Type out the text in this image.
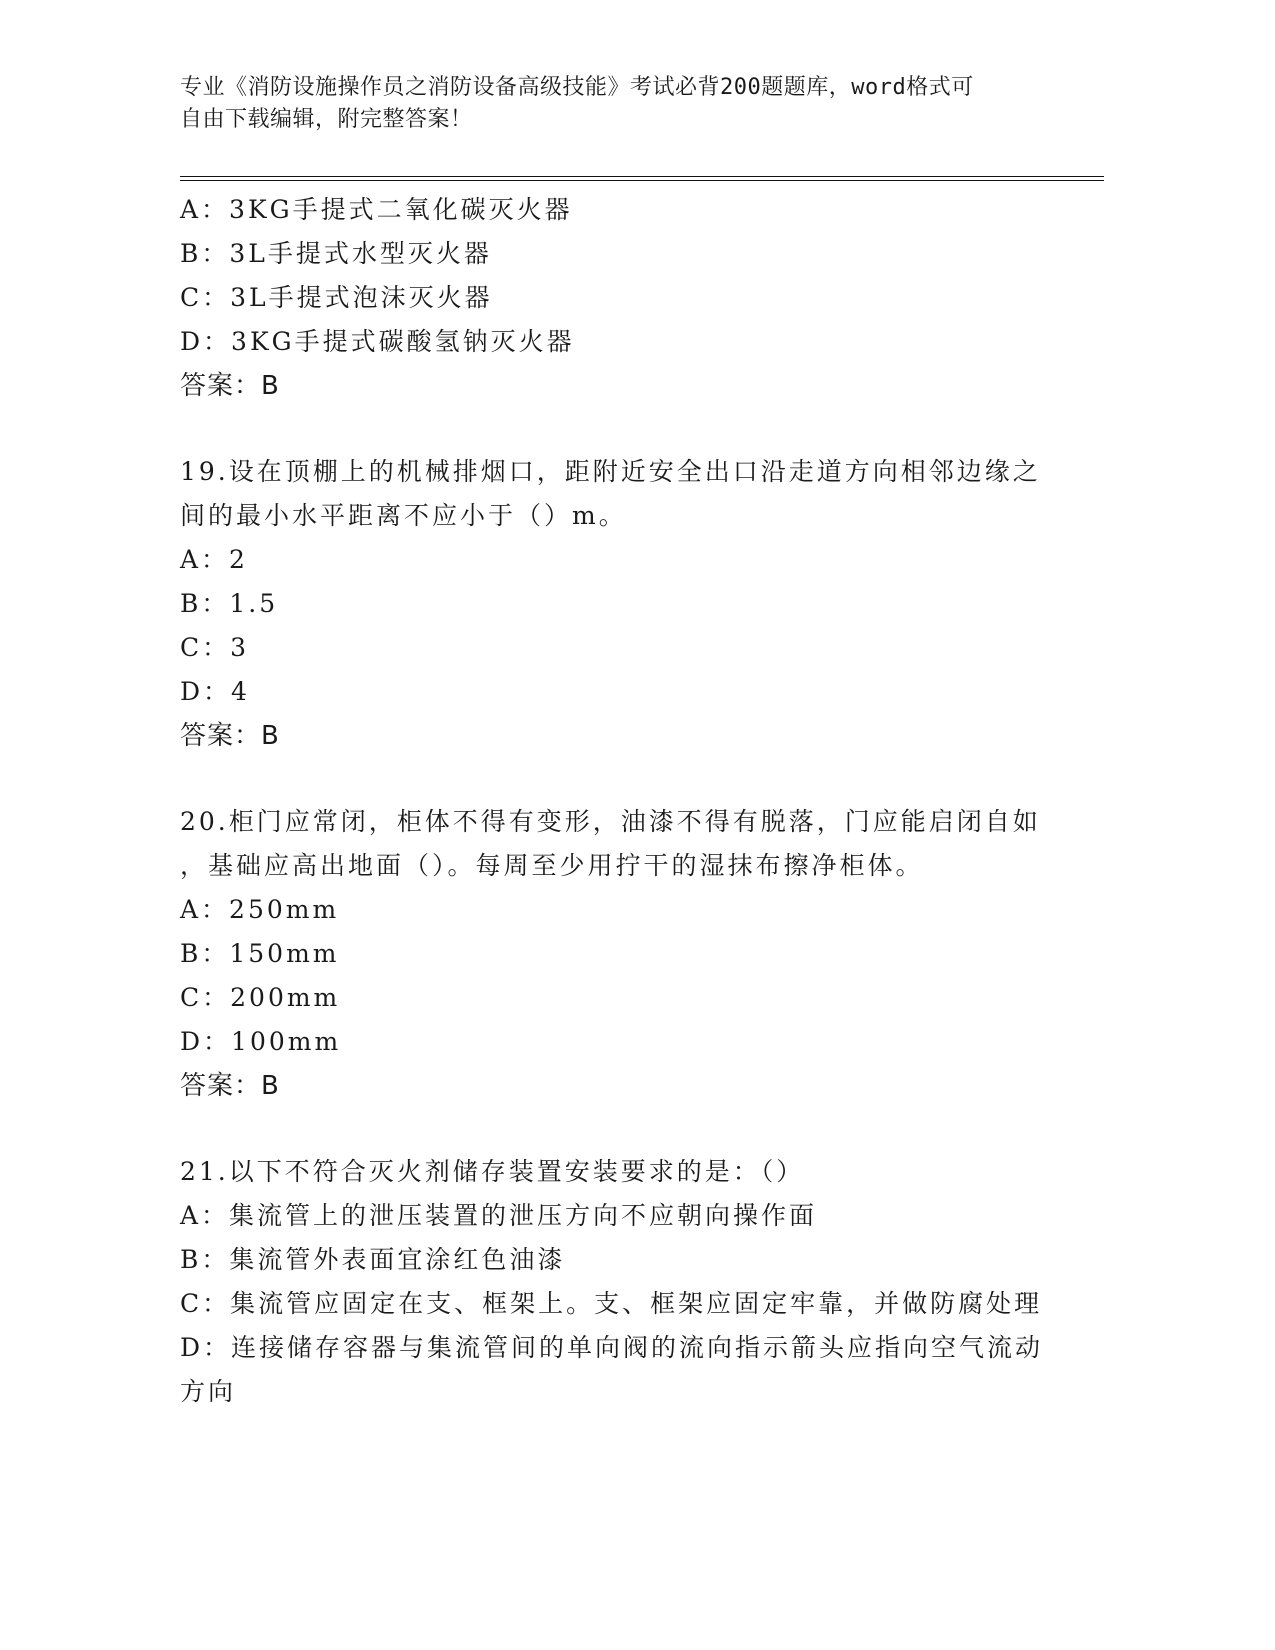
专业《消防设施操作员之消防设备高级技能》考试必背200题题库，word格式可
自由下载编辑，附完整答案！
A：3KG手提式二氧化碳灭火器
B：3L手提式水型灭火器
C：3L手提式泡沫灭火器
D：3KG手提式碳酸氢钠灭火器
答案：B
19.设在顶棚上的机械排烟口，距附近安全出口沿走道方向相邻边缘之
间的最小水平距离不应小于（）m。
A：2
B：1.5
C：3
D：4
答案：B
20.柜门应常闭，柜体不得有变形，油漆不得有脱落，门应能启闭自如
，基础应高出地面（）。每周至少用拧干的湿抹布擦净柜体。
A：250mm
B：150mm
C：200mm
D：100mm
答案：B
21.以下不符合灭火剂储存装置安装要求的是：（）
A：集流管上的泄压装置的泄压方向不应朝向操作面
B：集流管外表面宜涂红色油漆
C：集流管应固定在支、框架上。支、框架应固定牢靠，并做防腐处理
D：连接储存容器与集流管间的单向阀的流向指示箭头应指向空气流动
方向
